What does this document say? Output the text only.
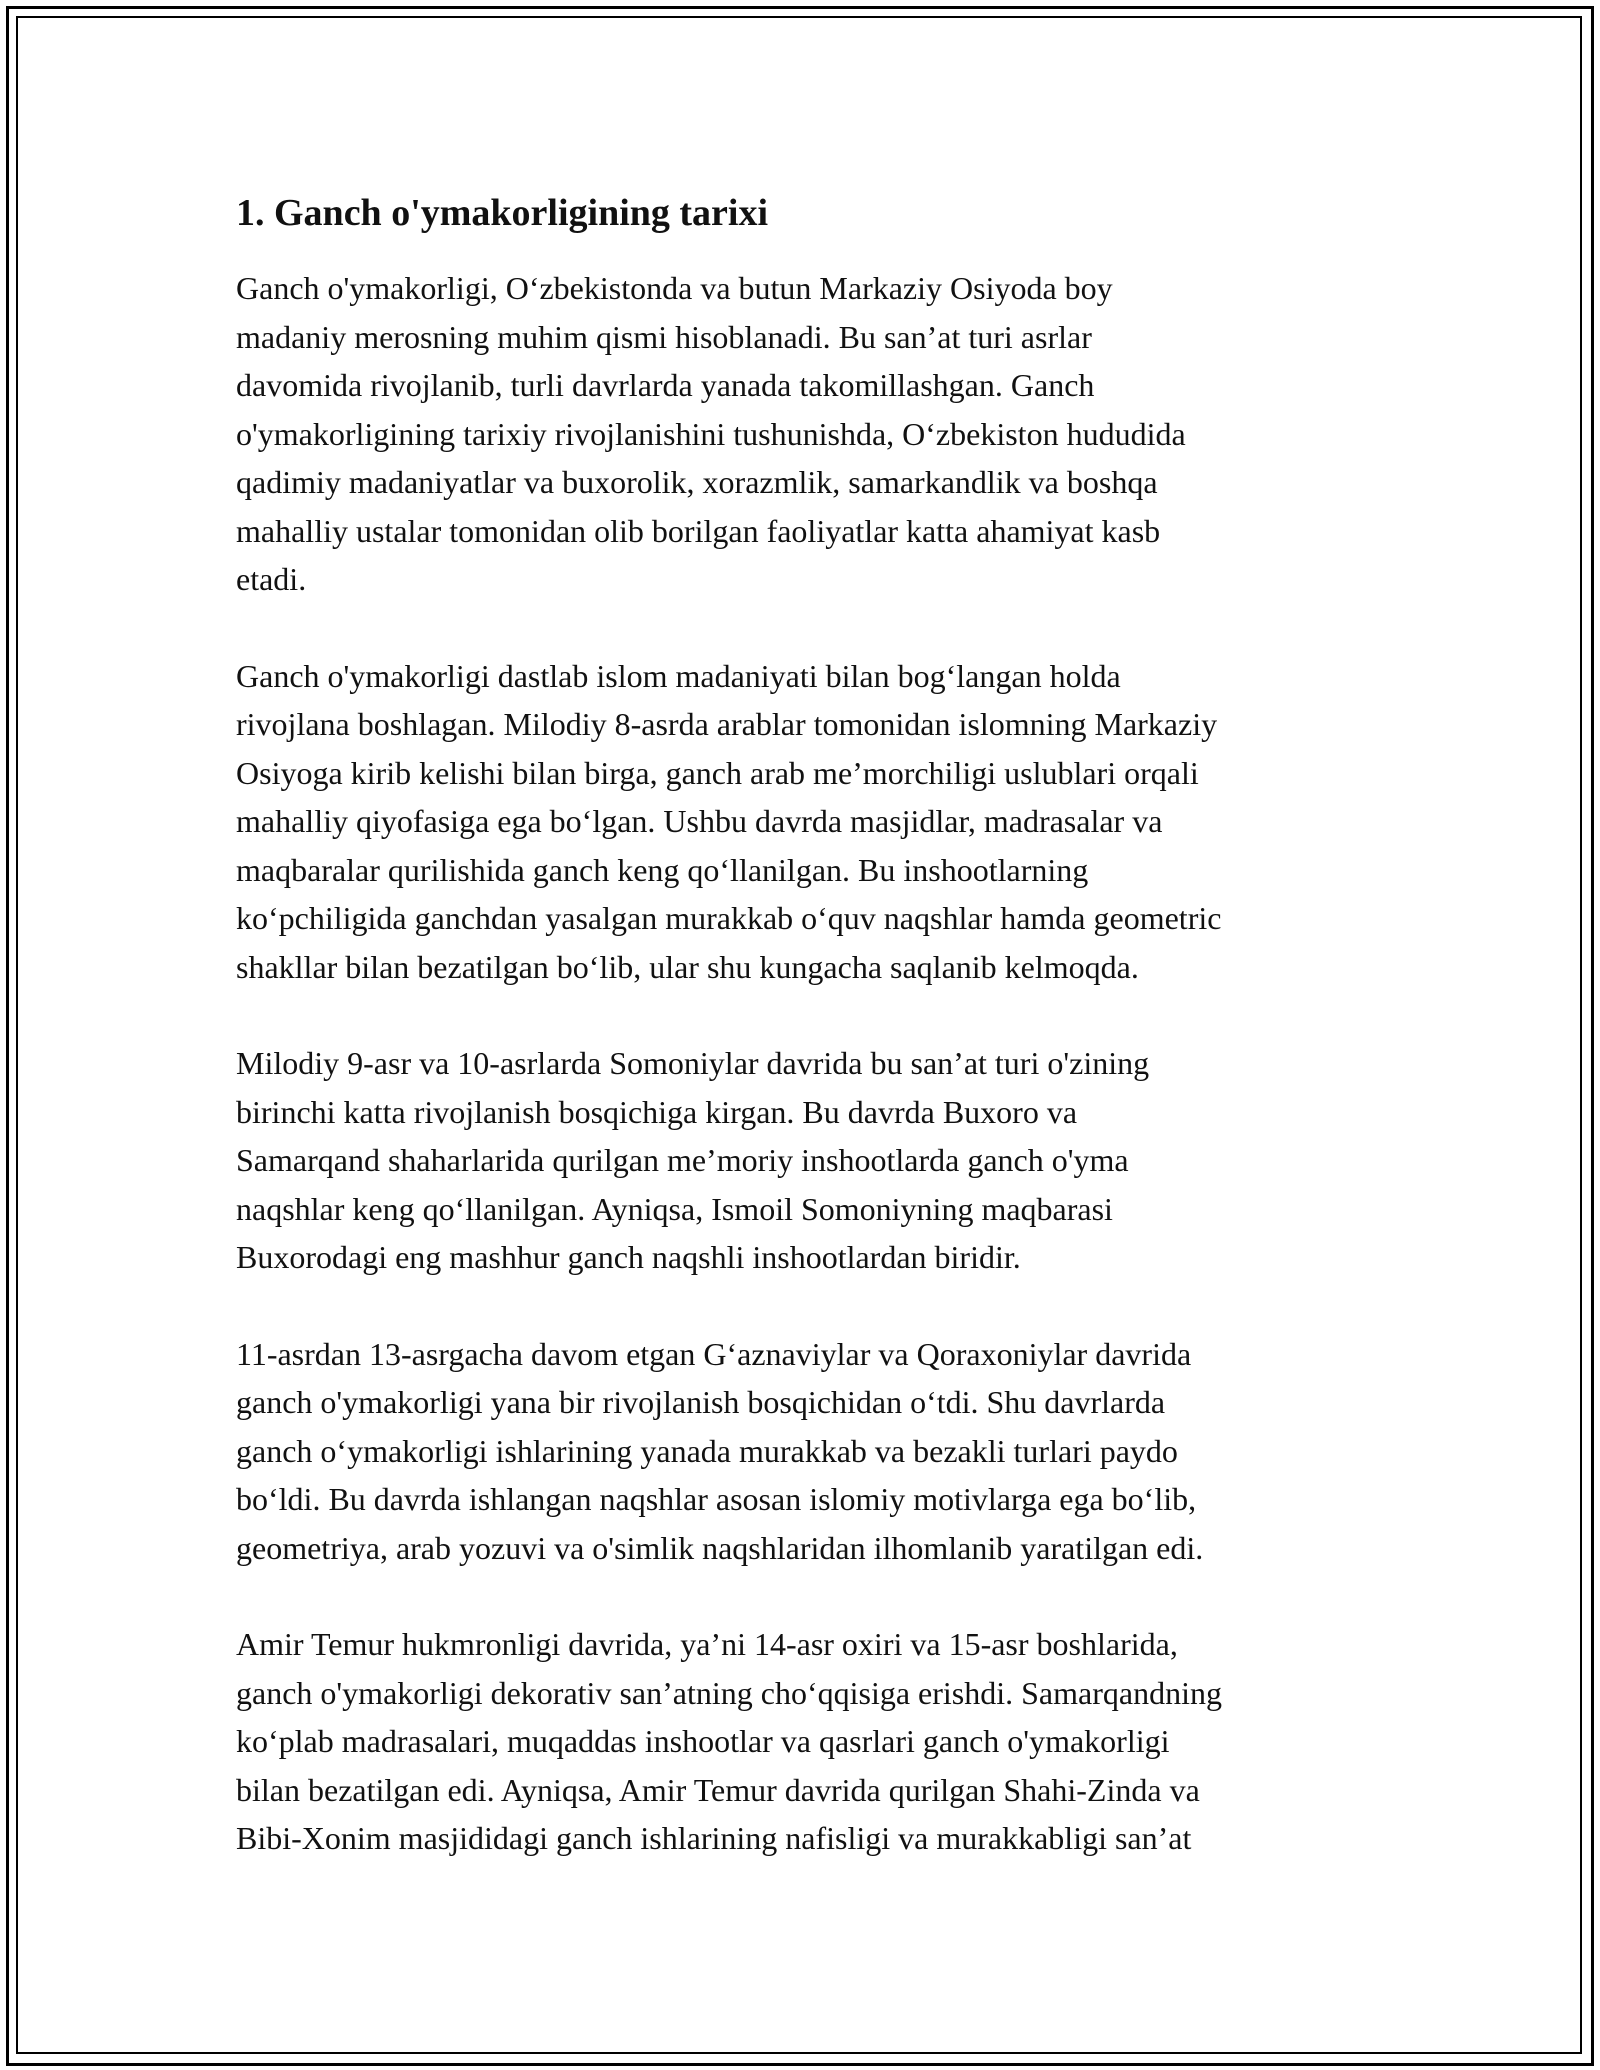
1. Ganch o'ymakorligining tarixi
Ganch o'ymakorligi, O‘zbekistonda va butun Markaziy Osiyoda boy
madaniy merosning muhim qismi hisoblanadi. Bu san’at turi asrlar
davomida rivojlanib, turli davrlarda yanada takomillashgan. Ganch
o'ymakorligining tarixiy rivojlanishini tushunishda, O‘zbekiston hududida
qadimiy madaniyatlar va buxorolik, xorazmlik, samarkandlik va boshqa
mahalliy ustalar tomonidan olib borilgan faoliyatlar katta ahamiyat kasb
etadi.
Ganch o'ymakorligi dastlab islom madaniyati bilan bog‘langan holda
rivojlana boshlagan. Milodiy 8-asrda arablar tomonidan islomning Markaziy
Osiyoga kirib kelishi bilan birga, ganch arab me’morchiligi uslublari orqali
mahalliy qiyofasiga ega bo‘lgan. Ushbu davrda masjidlar, madrasalar va
maqbaralar qurilishida ganch keng qo‘llanilgan. Bu inshootlarning
ko‘pchiligida ganchdan yasalgan murakkab o‘quv naqshlar hamda geometric
shakllar bilan bezatilgan bo‘lib, ular shu kungacha saqlanib kelmoqda.
Milodiy 9-asr va 10-asrlarda Somoniylar davrida bu san’at turi o'zining
birinchi katta rivojlanish bosqichiga kirgan. Bu davrda Buxoro va
Samarqand shaharlarida qurilgan me’moriy inshootlarda ganch o'yma
naqshlar keng qo‘llanilgan. Ayniqsa, Ismoil Somoniyning maqbarasi
Buxorodagi eng mashhur ganch naqshli inshootlardan biridir.
11-asrdan 13-asrgacha davom etgan G‘aznaviylar va Qoraxoniylar davrida
ganch o'ymakorligi yana bir rivojlanish bosqichidan o‘tdi. Shu davrlarda
ganch o‘ymakorligi ishlarining yanada murakkab va bezakli turlari paydo
bo‘ldi. Bu davrda ishlangan naqshlar asosan islomiy motivlarga ega bo‘lib,
geometriya, arab yozuvi va o'simlik naqshlaridan ilhomlanib yaratilgan edi.
Amir Temur hukmronligi davrida, ya’ni 14-asr oxiri va 15-asr boshlarida,
ganch o'ymakorligi dekorativ san’atning cho‘qqisiga erishdi. Samarqandning
ko‘plab madrasalari, muqaddas inshootlar va qasrlari ganch o'ymakorligi
bilan bezatilgan edi. Ayniqsa, Amir Temur davrida qurilgan Shahi-Zinda va
Bibi-Xonim masjididagi ganch ishlarining nafisligi va murakkabligi san’at
